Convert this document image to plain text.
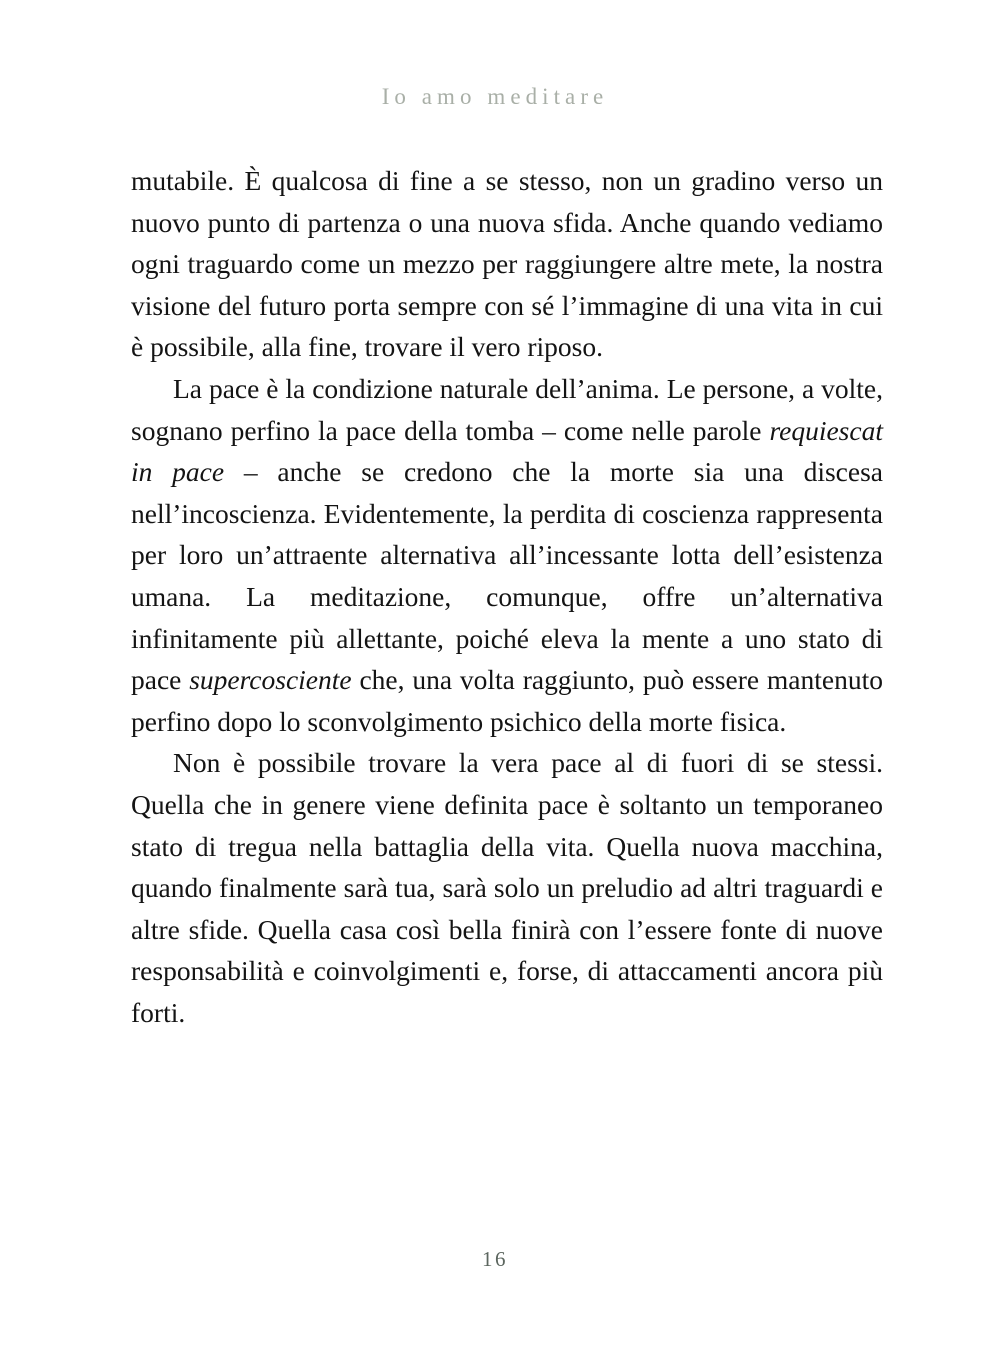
Io amo meditare

mutabile. È qualcosa di fine a se stesso, non un gradino verso un nuovo punto di partenza o una nuova sfida. Anche quando vediamo ogni traguardo come un mezzo per raggiungere altre mete, la nostra visione del futuro porta sempre con sé l’immagine di una vita in cui è possibile, alla fine, trovare il vero riposo.

La pace è la condizione naturale dell’anima. Le persone, a volte, sognano perfino la pace della tomba – come nelle parole requiescat in pace – anche se credono che la morte sia una discesa nell’incoscienza. Evidentemente, la perdita di coscienza rappresenta per loro un’attraente alternativa all’incessante lotta dell’esistenza umana. La meditazione, comunque, offre un’alternativa infinitamente più allettante, poiché eleva la mente a uno stato di pace supercosciente che, una volta raggiunto, può essere mantenuto perfino dopo lo sconvolgimento psichico della morte fisica.

Non è possibile trovare la vera pace al di fuori di se stessi. Quella che in genere viene definita pace è soltanto un temporaneo stato di tregua nella battaglia della vita. Quella nuova macchina, quando finalmente sarà tua, sarà solo un preludio ad altri traguardi e altre sfide. Quella casa così bella finirà con l’essere fonte di nuove responsabilità e coinvolgimenti e, forse, di attaccamenti ancora più forti.

16
